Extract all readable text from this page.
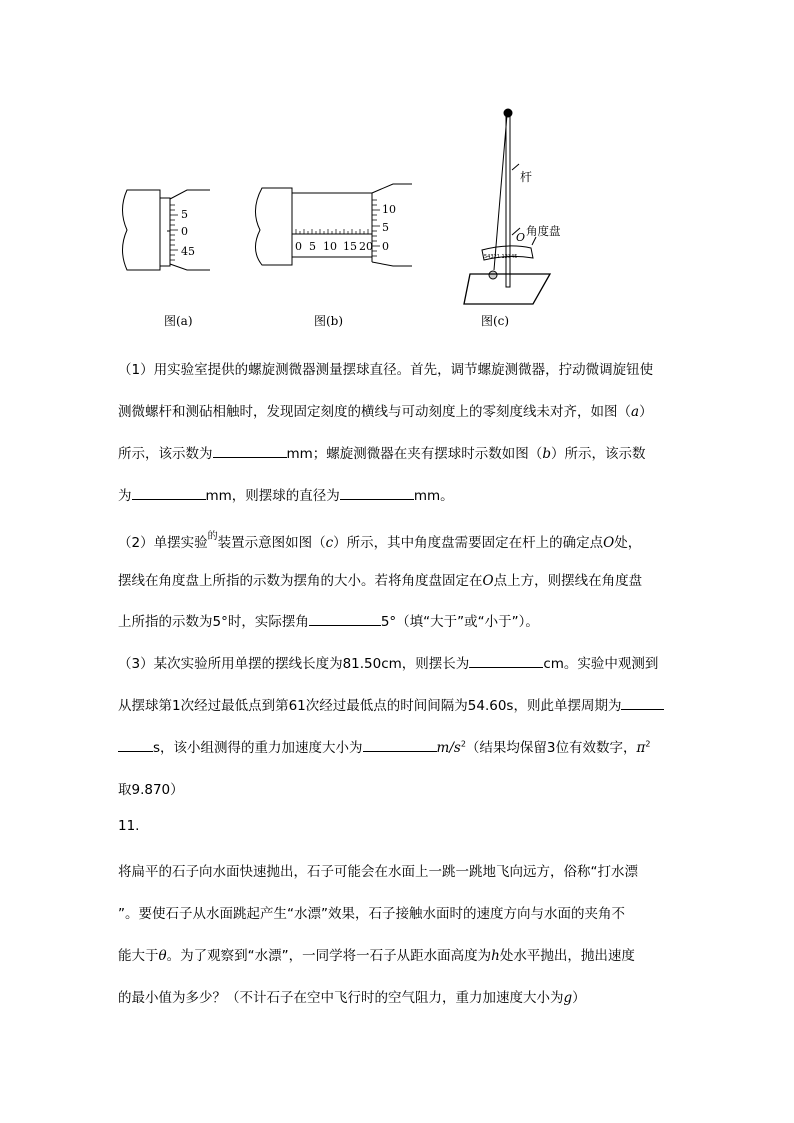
5
0
45
图(a)
0 5 10 15 20
10
5
0
图(b)
54321 12345
杆
O 角度盘
图(c)
（1）用实验室提供的螺旋测微器测量摆球直径。首先，调节螺旋测微器，拧动微调旋钮使
测微螺杆和测砧相触时，发现固定刻度的横线与可动刻度上的零刻度线未对齐，如图（a）
所示，该示数为	mm；螺旋测微器在夹有摆球时示数如图（b）所示，该示数
为	mm，则摆球的直径为	mm。
（2）单摆实验$^的$装置示意图如图（c）所示，其中角度盘需要固定在杆上的确定点O处，
摆线在角度盘上所指的示数为摆角的大小。若将角度盘固定在O点上方，则摆线在角度盘
上所指的示数为5°时，实际摆角	5°（填“大于”或“小于”）。
（3）某次实验所用单摆的摆线长度为81.50cm，则摆长为	cm。实验中观测到
从摆球第1次经过最低点到第61次经过最低点的时间间隔为54.60s，则此单摆周期为
s，该小组测得的重力加速度大小为	$m/s^2$（结果均保留3位有效数字，$\pi^2$
取9.870）
11.
将扁平的石子向水面快速抛出，石子可能会在水面上一跳一跳地飞向远方，俗称“打水漂
”。要使石子从水面跳起产生“水漂”效果，石子接触水面时的速度方向与水面的夹角不
能大于θ。为了观察到“水漂”，一同学将一石子从距水面高度为h处水平抛出，抛出速度
的最小值为多少？（不计石子在空中飞行时的空气阻力，重力加速度大小为g）
